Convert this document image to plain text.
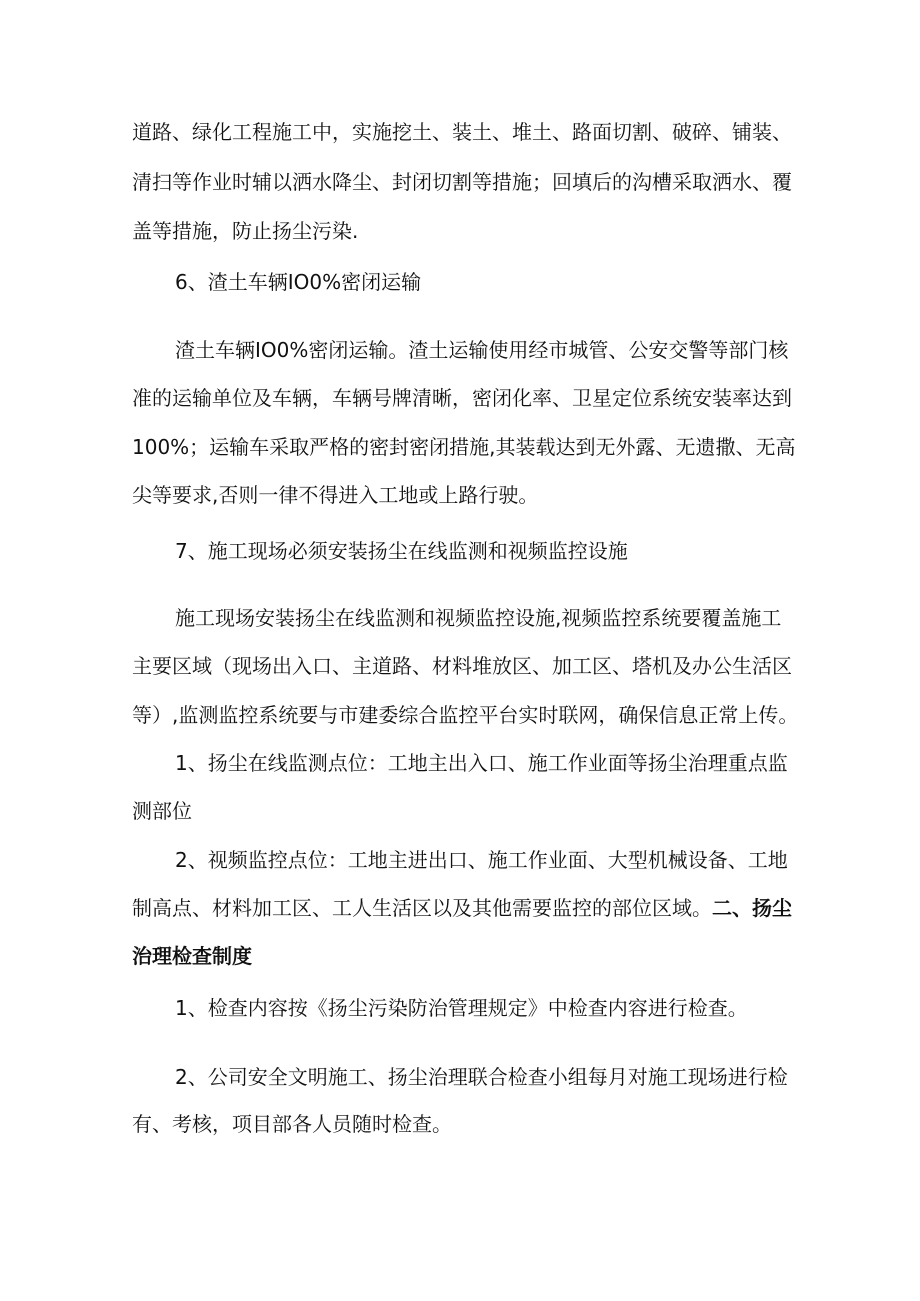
道路、绿化工程施工中，实施挖土、装土、堆土、路面切割、破碎、铺装、

清扫等作业时辅以洒水降尘、封闭切割等措施；回填后的沟槽采取洒水、覆

盖等措施，防止扬尘污染.

6、渣土车辆IO0%密闭运输

渣土车辆IO0%密闭运输。渣土运输使用经市城管、公安交警等部门核

准的运输单位及车辆，车辆号牌清晰，密闭化率、卫星定位系统安装率达到

100%；运输车采取严格的密封密闭措施,其装载达到无外露、无遗撒、无高

尖等要求,否则一律不得进入工地或上路行驶。

7、施工现场必须安装扬尘在线监测和视频监控设施

施工现场安装扬尘在线监测和视频监控设施,视频监控系统要覆盖施工

主要区域（现场出入口、主道路、材料堆放区、加工区、塔机及办公生活区

等）,监测监控系统要与市建委综合监控平台实时联网，确保信息正常上传。

1、扬尘在线监测点位：工地主出入口、施工作业面等扬尘治理重点监

测部位

2、视频监控点位：工地主进出口、施工作业面、大型机械设备、工地

制高点、材料加工区、工人生活区以及其他需要监控的部位区域。二、扬尘

治理检查制度

1、检查内容按《扬尘污染防治管理规定》中检查内容进行检查。

2、公司安全文明施工、扬尘治理联合检查小组每月对施工现场进行检

有、考核，项目部各人员随时检查。
